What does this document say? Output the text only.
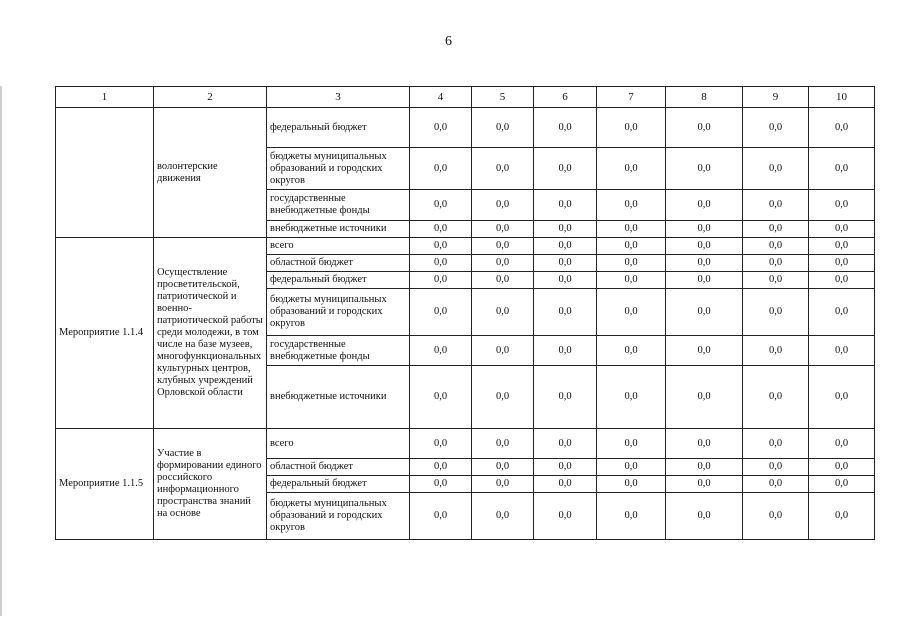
6
1	2	3	4	5	6	7	8	9	10
	волонтерские движения	федеральный бюджет	0,0	0,0	0,0	0,0	0,0	0,0	0,0
		бюджеты муниципальных образований и городских округов	0,0	0,0	0,0	0,0	0,0	0,0	0,0
		государственные внебюджетные фонды	0,0	0,0	0,0	0,0	0,0	0,0	0,0
		внебюджетные источники	0,0	0,0	0,0	0,0	0,0	0,0	0,0
Мероприятие 1.1.4	Осуществление просветительской, патриотической и военно-патриотической работы среди молодежи, в том числе на базе музеев, многофункциональных культурных центров, клубных учреждений Орловской области	всего	0,0	0,0	0,0	0,0	0,0	0,0	0,0
		областной бюджет	0,0	0,0	0,0	0,0	0,0	0,0	0,0
		федеральный бюджет	0,0	0,0	0,0	0,0	0,0	0,0	0,0
		бюджеты муниципальных образований и городских округов	0,0	0,0	0,0	0,0	0,0	0,0	0,0
		государственные внебюджетные фонды	0,0	0,0	0,0	0,0	0,0	0,0	0,0
		внебюджетные источники	0,0	0,0	0,0	0,0	0,0	0,0	0,0
Мероприятие 1.1.5	Участие в формировании единого российского информационного пространства знаний на основе	всего	0,0	0,0	0,0	0,0	0,0	0,0	0,0
		областной бюджет	0,0	0,0	0,0	0,0	0,0	0,0	0,0
		федеральный бюджет	0,0	0,0	0,0	0,0	0,0	0,0	0,0
		бюджеты муниципальных образований и городских округов	0,0	0,0	0,0	0,0	0,0	0,0	0,0
